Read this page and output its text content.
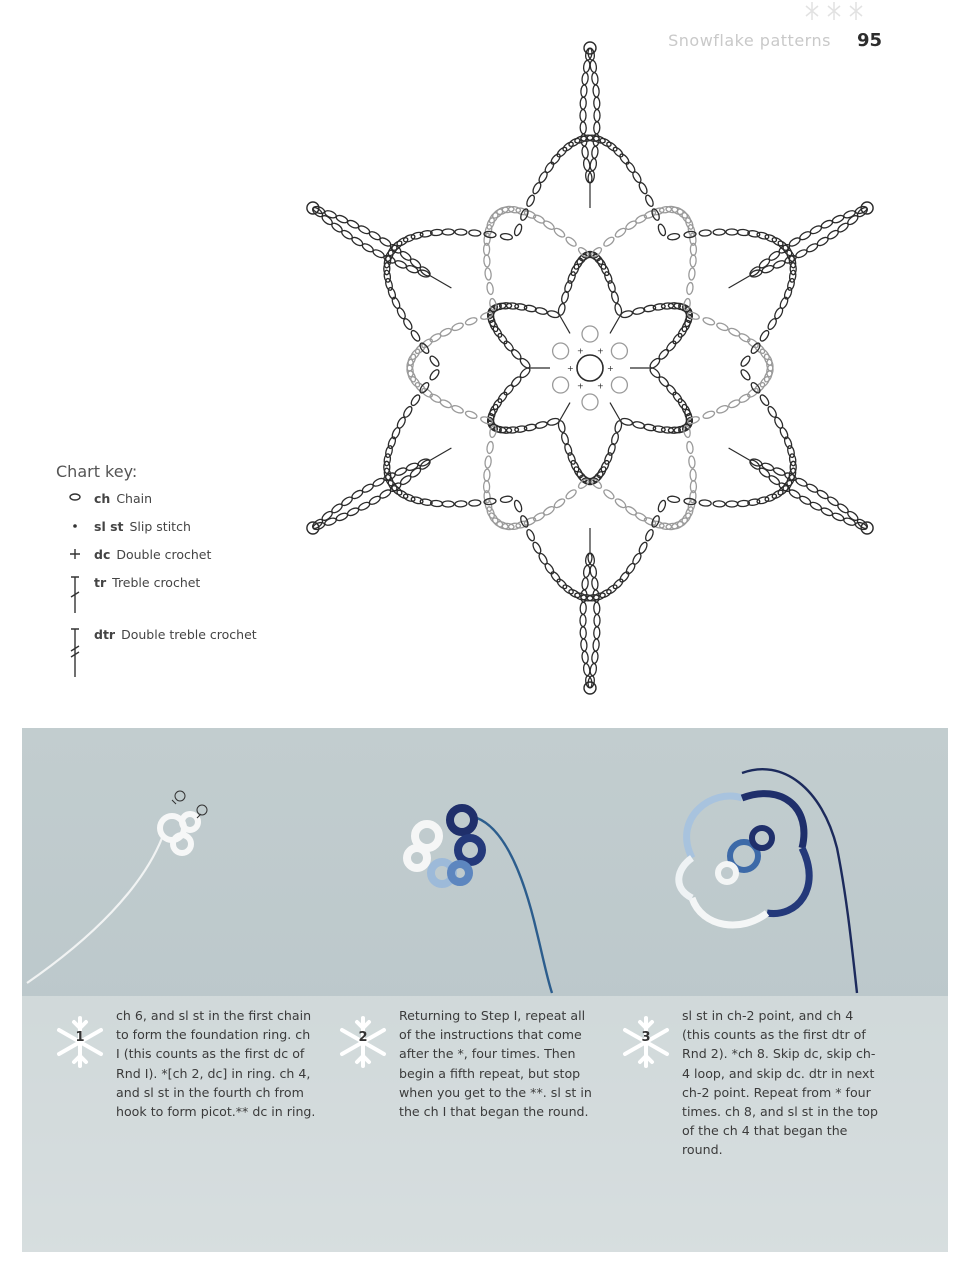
Snowflake patterns 95
+
+
+
+
+
+
Chart key:
ch Chain
sl st Slip stitch
dc Double crochet
tr Treble crochet
dtr Double treble crochet
1
ch 6, and sl st in the first chain to form the foundation ring. ch I (this counts as the first dc of Rnd I). *[ch 2, dc] in ring. ch 4, and sl st in the fourth ch from hook to form picot.** dc in ring.
2
Returning to Step I, repeat all of the instructions that come after the *, four times. Then begin a fifth repeat, but stop when you get to the **. sl st in the ch I that began the round.
3
sl st in ch-2 point, and ch 4 (this counts as the first dtr of Rnd 2). *ch 8. Skip dc, skip ch-4 loop, and skip dc. dtr in next ch-2 point. Repeat from * four times. ch 8, and sl st in the top of the ch 4 that began the round.
